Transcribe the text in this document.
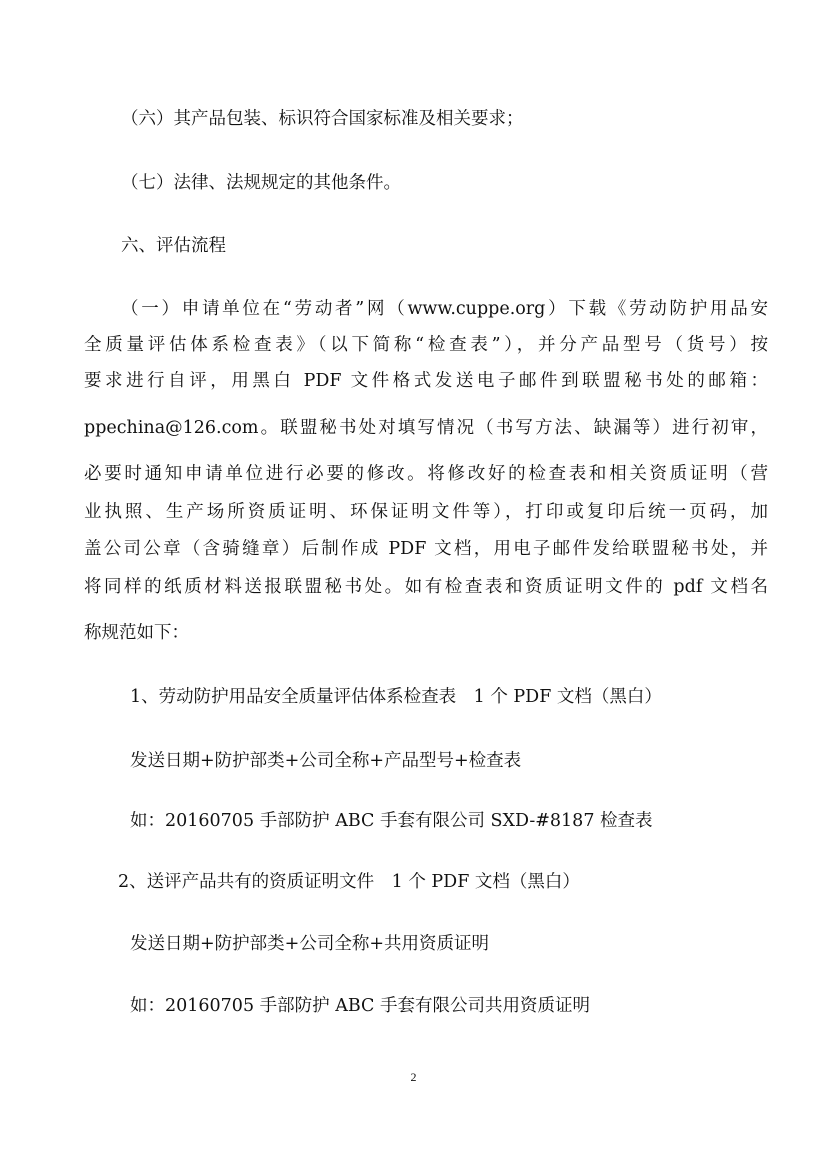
（六）其产品包装、标识符合国家标准及相关要求；

（七）法律、法规规定的其他条件。

六、评估流程

（一）申请单位在“劳动者”网（www.cuppe.org）下载《劳动防护用品安

全质量评估体系检查表》（以下简称“检查表”），并分产品型号（货号）按

要求进行自评，用黑白 PDF 文件格式发送电子邮件到联盟秘书处的邮箱：

ppechina@126.com。联盟秘书处对填写情况（书写方法、缺漏等）进行初审，

必要时通知申请单位进行必要的修改。将修改好的检查表和相关资质证明（营

业执照、生产场所资质证明、环保证明文件等），打印或复印后统一页码，加

盖公司公章（含骑缝章）后制作成 PDF 文档，用电子邮件发给联盟秘书处，并

将同样的纸质材料送报联盟秘书处。如有检查表和资质证明文件的 pdf 文档名

称规范如下：

1、劳动防护用品安全质量评估体系检查表　1 个 PDF 文档（黑白）

发送日期+防护部类+公司全称+产品型号+检查表

如：20160705 手部防护 ABC 手套有限公司 SXD-#8187 检查表

2、送评产品共有的资质证明文件　1 个 PDF 文档（黑白）

发送日期+防护部类+公司全称+共用资质证明

如：20160705 手部防护 ABC 手套有限公司共用资质证明

2
